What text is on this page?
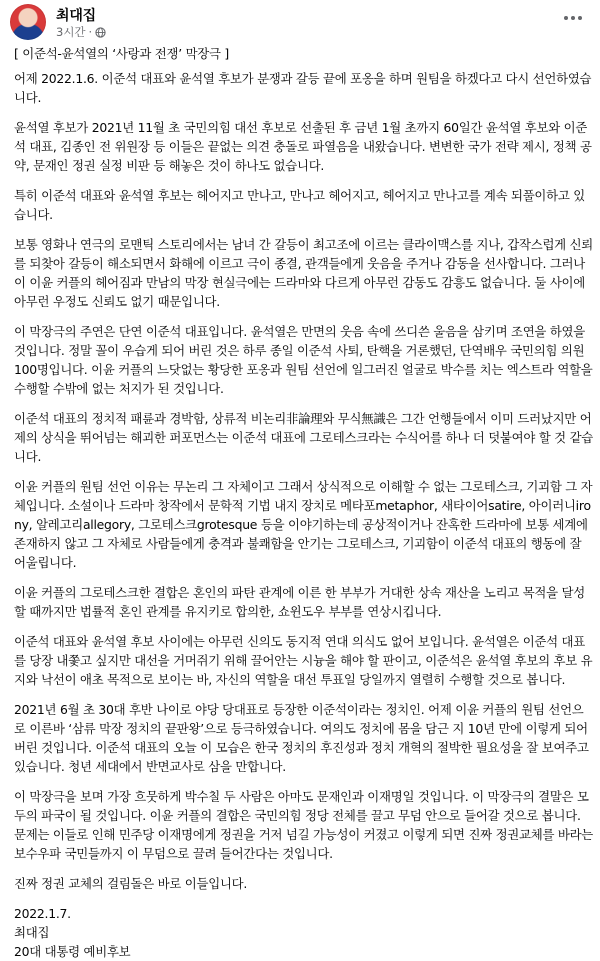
최대집
3시간 ·

[ 이준석-윤석열의 ‘사랑과 전쟁’ 막장극 ]

어제 2022.1.6. 이준석 대표와 윤석열 후보가 분쟁과 갈등 끝에 포옹을 하며 원팀을 하겠다고 다시 선언하였습니다.

윤석열 후보가 2021년 11월 초 국민의힘 대선 후보로 선출된 후 금년 1월 초까지 60일간 윤석열 후보와 이준석 대표, 김종인 전 위원장 등 이들은 끝없는 의견 충돌로 파열음을 내왔습니다. 변변한 국가 전략 제시, 정책 공약, 문재인 정권 실정 비판 등 해놓은 것이 하나도 없습니다.

특히 이준석 대표와 윤석열 후보는 헤어지고 만나고, 만나고 헤어지고, 헤어지고 만나고를 계속 되풀이하고 있습니다.

보통 영화나 연극의 로맨틱 스토리에서는 남녀 간 갈등이 최고조에 이르는 클라이맥스를 지나, 갑작스럽게 신뢰를 되찾아 갈등이 해소되면서 화해에 이르고 극이 종결, 관객들에게 웃음을 주거나 감동을 선사합니다. 그러나 이 이윤 커플의 헤어짐과 만남의 막장 현실극에는 드라마와 다르게 아무런 감동도 감흥도 없습니다. 둘 사이에 아무런 우정도 신뢰도 없기 때문입니다.

이 막장극의 주연은 단연 이준석 대표입니다. 윤석열은 만면의 웃음 속에 쓰디쓴 울음을 삼키며 조연을 하였을 것입니다. 정말 꼴이 우습게 되어 버린 것은 하루 종일 이준석 사퇴, 탄핵을 거론했던, 단역배우 국민의힘 의원 100명입니다. 이윤 커플의 느닷없는 황당한 포옹과 원팀 선언에 일그러진 얼굴로 박수를 치는 엑스트라 역할을 수행할 수밖에 없는 처지가 된 것입니다.

이준석 대표의 정치적 패륜과 경박함, 상류적 비논리非論理와 무식無識은 그간 언행들에서 이미 드러났지만 어제의 상식을 뛰어넘는 해괴한 퍼포먼스는 이준석 대표에 그로테스크라는 수식어를 하나 더 덧붙여야 할 것 같습니다.

이윤 커플의 원팀 선언 이유는 무논리 그 자체이고 그래서 상식적으로 이해할 수 없는 그로테스크, 기괴함 그 자체입니다. 소설이나 드라마 창작에서 문학적 기법 내지 장치로 메타포metaphor, 새타이어satire, 아이러니irony, 알레고리allegory, 그로테스크grotesque 등을 이야기하는데 공상적이거나 잔혹한 드라마에 보통 세계에 존재하지 않고 그 자체로 사람들에게 충격과 불쾌함을 안기는 그로테스크, 기괴함이 이준석 대표의 행동에 잘 어울립니다.

이윤 커플의 그로테스크한 결합은 혼인의 파탄 관계에 이른 한 부부가 거대한 상속 재산을 노리고 목적을 달성할 때까지만 법률적 혼인 관계를 유지키로 합의한, 쇼윈도우 부부를 연상시킵니다.

이준석 대표와 윤석열 후보 사이에는 아무런 신의도 동지적 연대 의식도 없어 보입니다. 윤석열은 이준석 대표를 당장 내쫓고 싶지만 대선을 거머쥐기 위해 끌어안는 시늉을 해야 할 판이고, 이준석은 윤석열 후보의 후보 유지와 낙선이 애초 목적으로 보이는 바, 자신의 역할을 대선 투표일 당일까지 열렬히 수행할 것으로 봅니다.

2021년 6월 초 30대 후반 나이로 야당 당대표로 등장한 이준석이라는 정치인. 어제 이윤 커플의 원팀 선언으로 이른바 ‘삼류 막장 정치의 끝판왕’으로 등극하였습니다. 여의도 정치에 몸을 담근 지 10년 만에 이렇게 되어 버린 것입니다. 이준석 대표의 오늘 이 모습은 한국 정치의 후진성과 정치 개혁의 절박한 필요성을 잘 보여주고 있습니다. 청년 세대에서 반면교사로 삼을 만합니다.

이 막장극을 보며 가장 흐뭇하게 박수칠 두 사람은 아마도 문재인과 이재명일 것입니다. 이 막장극의 결말은 모두의 파국이 될 것입니다. 이윤 커플의 결합은 국민의힘 정당 전체를 끌고 무덤 안으로 들어갈 것으로 봅니다. 문제는 이들로 인해 민주당 이재명에게 정권을 거저 넘길 가능성이 커졌고 이렇게 되면 진짜 정권교체를 바라는 보수우파 국민들까지 이 무덤으로 끌려 들어간다는 것입니다.

진짜 정권 교체의 걸림돌은 바로 이들입니다.

2022.1.7.

최대집

20대 대통령 예비후보
